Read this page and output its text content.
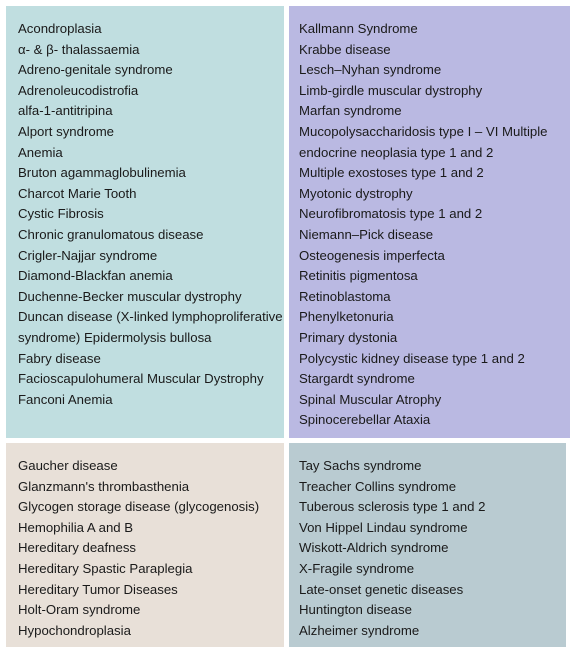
Acondroplasia
α- & β- thalassaemia
Adreno-genitale syndrome
Adrenoleucodistrofia
alfa-1-antitripina
Alport syndrome
Anemia
Bruton agammaglobulinemia
Charcot Marie Tooth
Cystic Fibrosis
Chronic granulomatous disease
Crigler-Najjar syndrome
Diamond-Blackfan anemia
Duchenne-Becker muscular dystrophy
Duncan disease (X-linked lymphoproliferative syndrome) Epidermolysis bullosa
Fabry disease
Facioscapulohumeral Muscular Dystrophy
Fanconi Anemia
Kallmann Syndrome
Krabbe disease
Lesch–Nyhan syndrome
Limb-girdle muscular dystrophy
Marfan syndrome
Mucopolysaccharidosis type I – VI Multiple endocrine neoplasia type 1 and 2
Multiple exostoses type 1 and 2
Myotonic dystrophy
Neurofibromatosis type 1 and 2
Niemann–Pick disease
Osteogenesis imperfecta
Retinitis pigmentosa
Retinoblastoma
Phenylketonuria
Primary dystonia
Polycystic kidney disease type 1 and 2
Stargardt syndrome
Spinal Muscular Atrophy
Spinocerebellar Ataxia
Gaucher disease
Glanzmann's thrombasthenia
Glycogen storage disease (glycogenosis)
Hemophilia A and B
Hereditary deafness
Hereditary Spastic Paraplegia
Hereditary Tumor Diseases
Holt-Oram syndrome
Hypochondroplasia
Tay Sachs syndrome
Treacher Collins syndrome
Tuberous sclerosis type 1 and 2
Von Hippel Lindau syndrome
Wiskott-Aldrich syndrome
X-Fragile syndrome
Late-onset genetic diseases
Huntington disease
Alzheimer syndrome
